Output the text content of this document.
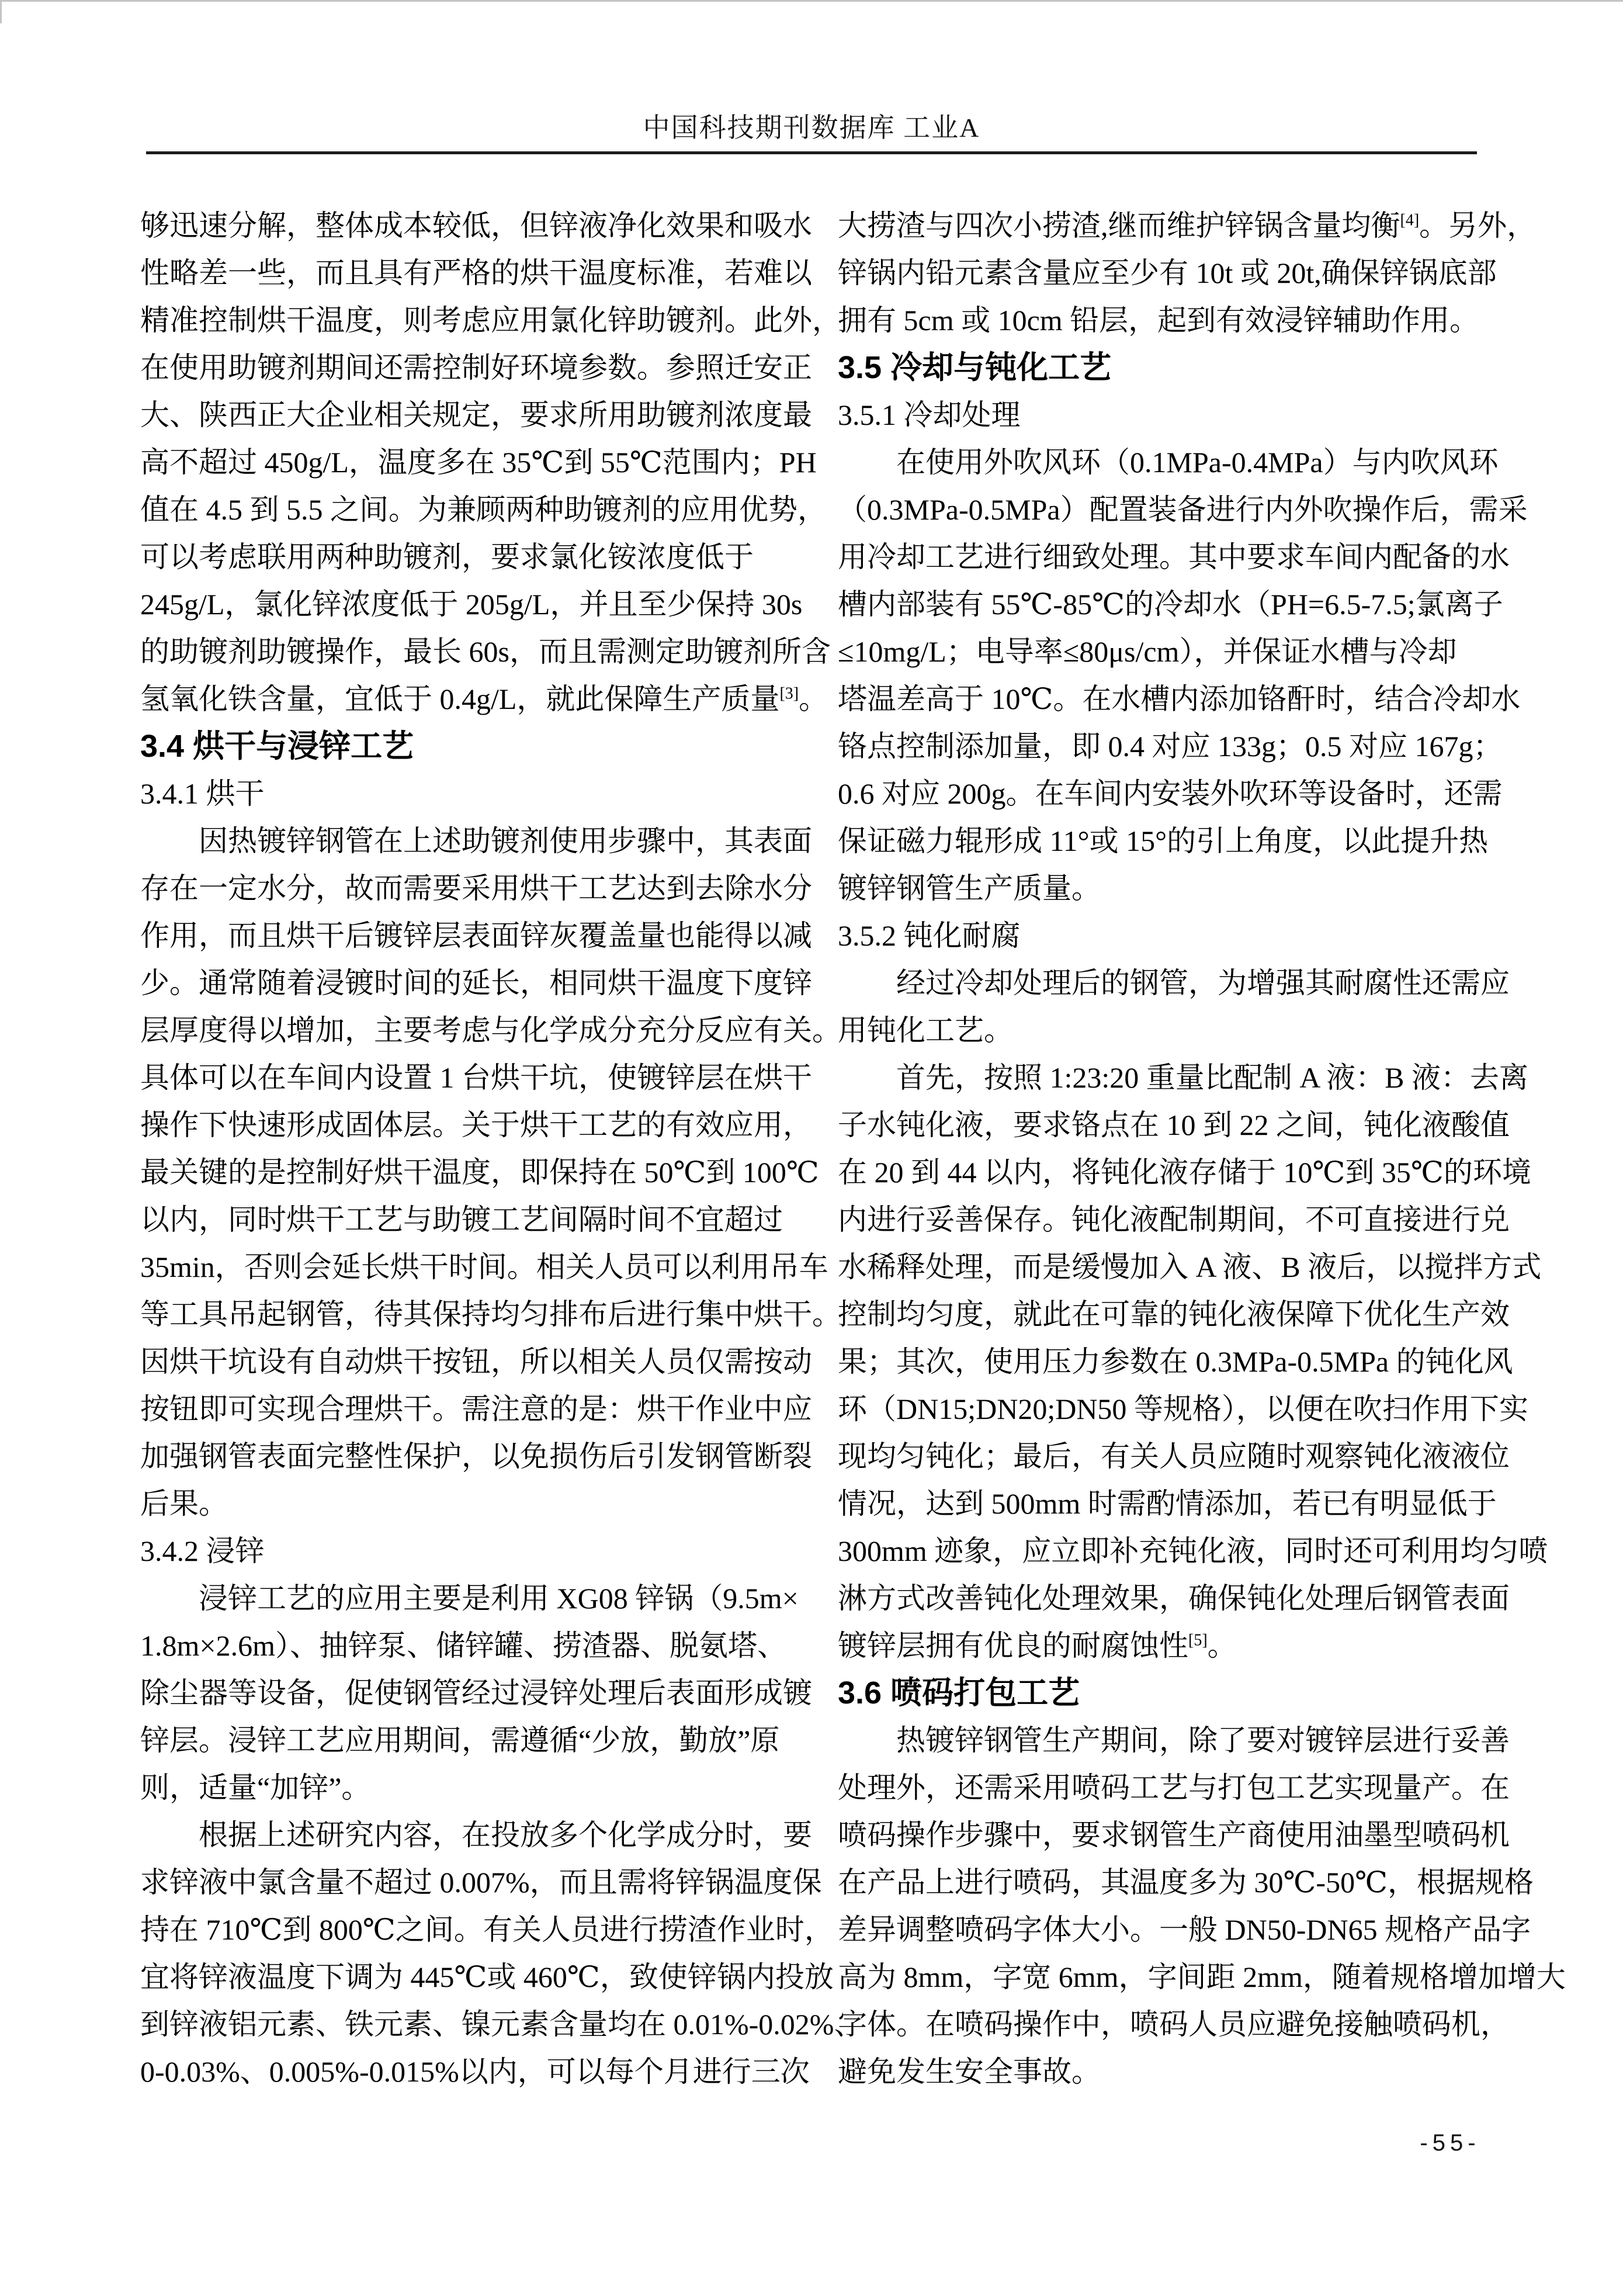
中国科技期刊数据库 工业A
够迅速分解，整体成本较低，但锌液净化效果和吸水
性略差一些，而且具有严格的烘干温度标准，若难以
精准控制烘干温度，则考虑应用氯化锌助镀剂。此外，
在使用助镀剂期间还需控制好环境参数。参照迁安正
大、陕西正大企业相关规定，要求所用助镀剂浓度最
高不超过 450g/L，温度多在 35℃到 55℃范围内；PH
值在 4.5 到 5.5 之间。为兼顾两种助镀剂的应用优势，
可以考虑联用两种助镀剂，要求氯化铵浓度低于
245g/L，氯化锌浓度低于 205g/L，并且至少保持 30s
的助镀剂助镀操作，最长 60s，而且需测定助镀剂所含
氢氧化铁含量，宜低于 0.4g/L，就此保障生产质量[3]。
3.4 烘干与浸锌工艺
3.4.1 烘干
　　因热镀锌钢管在上述助镀剂使用步骤中，其表面
存在一定水分，故而需要采用烘干工艺达到去除水分
作用，而且烘干后镀锌层表面锌灰覆盖量也能得以减
少。通常随着浸镀时间的延长，相同烘干温度下度锌
层厚度得以增加，主要考虑与化学成分充分反应有关。
具体可以在车间内设置 1 台烘干坑，使镀锌层在烘干
操作下快速形成固体层。关于烘干工艺的有效应用，
最关键的是控制好烘干温度，即保持在 50℃到 100℃
以内，同时烘干工艺与助镀工艺间隔时间不宜超过
35min，否则会延长烘干时间。相关人员可以利用吊车
等工具吊起钢管，待其保持均匀排布后进行集中烘干。
因烘干坑设有自动烘干按钮，所以相关人员仅需按动
按钮即可实现合理烘干。需注意的是：烘干作业中应
加强钢管表面完整性保护，以免损伤后引发钢管断裂
后果。
3.4.2 浸锌
　　浸锌工艺的应用主要是利用 XG08 锌锅（9.5m×
1.8m×2.6m）、抽锌泵、储锌罐、捞渣器、脱氨塔、
除尘器等设备，促使钢管经过浸锌处理后表面形成镀
锌层。浸锌工艺应用期间，需遵循“少放，勤放”原
则，适量“加锌”。
　　根据上述研究内容，在投放多个化学成分时，要
求锌液中氯含量不超过 0.007%，而且需将锌锅温度保
持在 710℃到 800℃之间。有关人员进行捞渣作业时，
宜将锌液温度下调为 445℃或 460℃，致使锌锅内投放
到锌液铝元素、铁元素、镍元素含量均在 0.01%-0.02%、
0-0.03%、0.005%-0.015%以内，可以每个月进行三次
大捞渣与四次小捞渣,继而维护锌锅含量均衡[4]。另外，
锌锅内铅元素含量应至少有 10t 或 20t,确保锌锅底部
拥有 5cm 或 10cm 铅层，起到有效浸锌辅助作用。
3.5 冷却与钝化工艺
3.5.1 冷却处理
　　在使用外吹风环（0.1MPa-0.4MPa）与内吹风环
（0.3MPa-0.5MPa）配置装备进行内外吹操作后，需采
用冷却工艺进行细致处理。其中要求车间内配备的水
槽内部装有 55℃-85℃的冷却水（PH=6.5-7.5;氯离子
≤10mg/L；电导率≤80μs/cm），并保证水槽与冷却
塔温差高于 10℃。在水槽内添加铬酐时，结合冷却水
铬点控制添加量，即 0.4 对应 133g；0.5 对应 167g；
0.6 对应 200g。在车间内安装外吹环等设备时，还需
保证磁力辊形成 11°或 15°的引上角度，以此提升热
镀锌钢管生产质量。
3.5.2 钝化耐腐
　　经过冷却处理后的钢管，为增强其耐腐性还需应
用钝化工艺。
　　首先，按照 1:23:20 重量比配制 A 液：B 液：去离
子水钝化液，要求铬点在 10 到 22 之间，钝化液酸值
在 20 到 44 以内，将钝化液存储于 10℃到 35℃的环境
内进行妥善保存。钝化液配制期间，不可直接进行兑
水稀释处理，而是缓慢加入 A 液、B 液后，以搅拌方式
控制均匀度，就此在可靠的钝化液保障下优化生产效
果；其次，使用压力参数在 0.3MPa-0.5MPa 的钝化风
环（DN15;DN20;DN50 等规格），以便在吹扫作用下实
现均匀钝化；最后，有关人员应随时观察钝化液液位
情况，达到 500mm 时需酌情添加，若已有明显低于
300mm 迹象，应立即补充钝化液，同时还可利用均匀喷
淋方式改善钝化处理效果，确保钝化处理后钢管表面
镀锌层拥有优良的耐腐蚀性[5]。
3.6 喷码打包工艺
　　热镀锌钢管生产期间，除了要对镀锌层进行妥善
处理外，还需采用喷码工艺与打包工艺实现量产。在
喷码操作步骤中，要求钢管生产商使用油墨型喷码机
在产品上进行喷码，其温度多为 30℃-50℃，根据规格
差异调整喷码字体大小。一般 DN50-DN65 规格产品字
高为 8mm，字宽 6mm，字间距 2mm，随着规格增加增大
字体。在喷码操作中，喷码人员应避免接触喷码机，
避免发生安全事故。
-55-
